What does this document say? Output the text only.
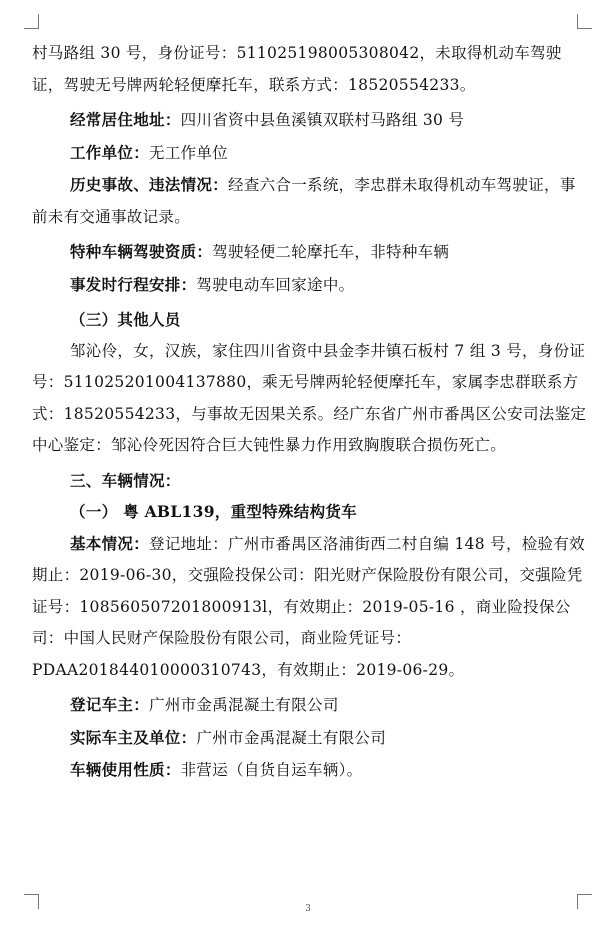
村马路组 30 号，身份证号：511025198005308042，未取得机动车驾驶证，驾驶无号牌两轮轻便摩托车，联系方式：18520554233。

经常居住地址：四川省资中县鱼溪镇双联村马路组 30 号

工作单位：无工作单位

历史事故、违法情况：经查六合一系统，李忠群未取得机动车驾驶证，事前未有交通事故记录。

特种车辆驾驶资质：驾驶轻便二轮摩托车，非特种车辆

事发时行程安排：驾驶电动车回家途中。

（三）其他人员

邹沁伶，女，汉族，家住四川省资中县金李井镇石板村 7 组 3 号，身份证号：511025201004137880，乘无号牌两轮轻便摩托车，家属李忠群联系方式：18520554233，与事故无因果关系。经广东省广州市番禺区公安司法鉴定中心鉴定：邹沁伶死因符合巨大钝性暴力作用致胸腹联合损伤死亡。

三、车辆情况：

（一） 粤 ABL139，重型特殊结构货车

基本情况：登记地址：广州市番禺区洛浦街西二村自编 148 号，检验有效期止：2019-06-30，交强险投保公司：阳光财产保险股份有限公司，交强险凭证号：108560507201800913l，有效期止：2019-05-16 ，商业险投保公司：中国人民财产保险股份有限公司，商业险凭证号：PDAA201844010000310743，有效期止：2019-06-29。

登记车主：广州市金禹混凝土有限公司

实际车主及单位：广州市金禹混凝土有限公司

车辆使用性质：非营运（自货自运车辆）。

3
